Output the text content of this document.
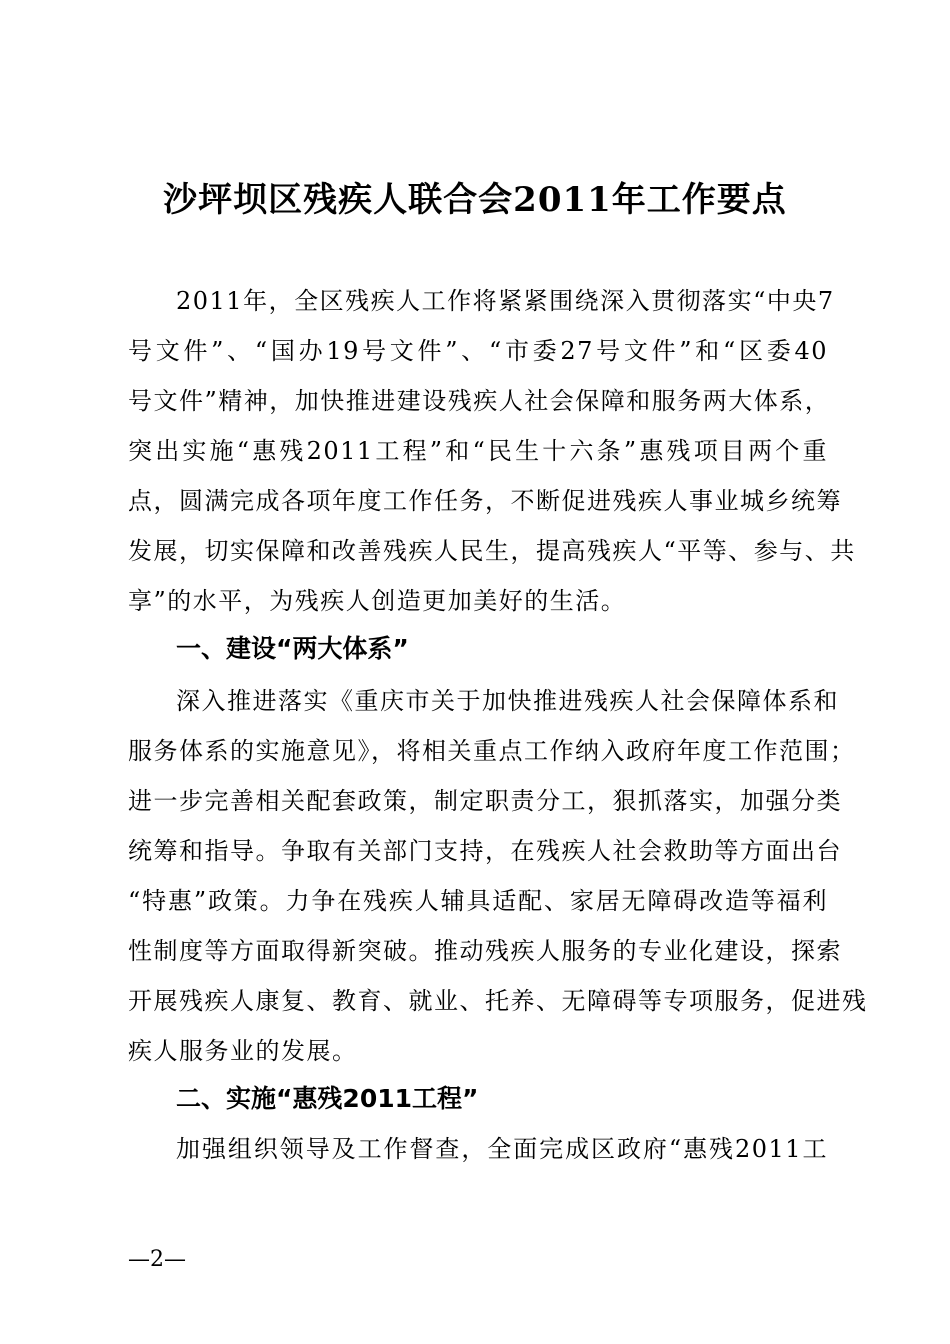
沙坪坝区残疾人联合会2011年工作要点
2011年，全区残疾人工作将紧紧围绕深入贯彻落实“中央7
号文件”、“国办19号文件”、“市委27号文件”和“区委40
号文件”精神，加快推进建设残疾人社会保障和服务两大体系，
突出实施“惠残2011工程”和“民生十六条”惠残项目两个重
点，圆满完成各项年度工作任务，不断促进残疾人事业城乡统筹
发展，切实保障和改善残疾人民生，提高残疾人“平等、参与、共
享”的水平，为残疾人创造更加美好的生活。
一、建设“两大体系”
深入推进落实《重庆市关于加快推进残疾人社会保障体系和
服务体系的实施意见》，将相关重点工作纳入政府年度工作范围；
进一步完善相关配套政策，制定职责分工，狠抓落实，加强分类
统筹和指导。争取有关部门支持，在残疾人社会救助等方面出台
“特惠”政策。力争在残疾人辅具适配、家居无障碍改造等福利
性制度等方面取得新突破。推动残疾人服务的专业化建设，探索
开展残疾人康复、教育、就业、托养、无障碍等专项服务，促进残
疾人服务业的发展。
二、实施“惠残2011工程”
加强组织领导及工作督查，全面完成区政府“惠残2011工
—2—
